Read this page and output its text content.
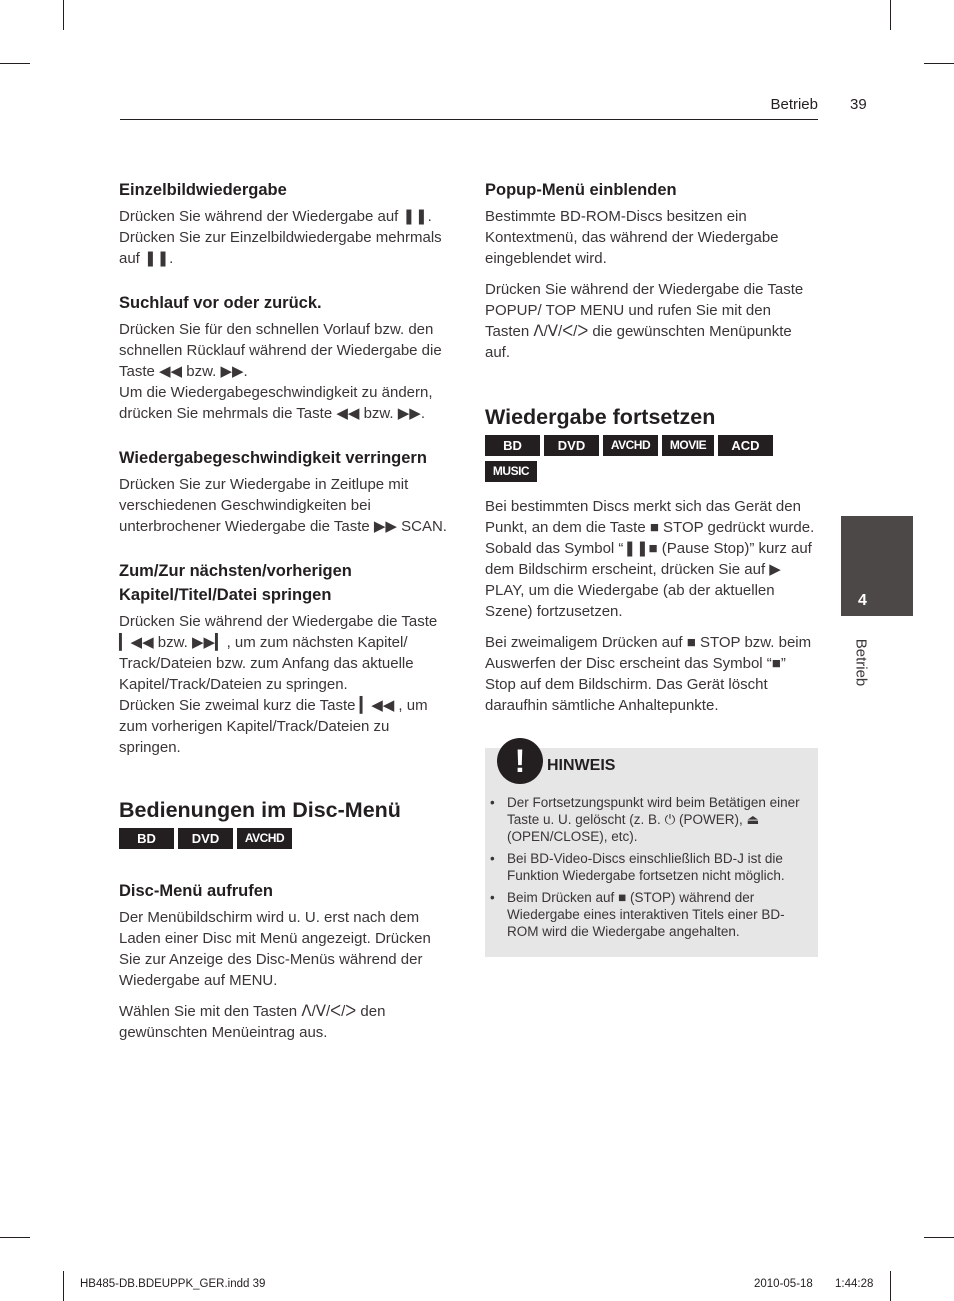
Betrieb 39
Einzelbildwiedergabe

Drücken Sie während der Wiedergabe auf ❚❚. Drücken Sie zur Einzelbildwiedergabe mehrmals auf ❚❚.

Suchlauf vor oder zurück.

Drücken Sie für den schnellen Vorlauf bzw. den schnellen Rücklauf während der Wiedergabe die Taste ◀◀ bzw. ▶▶.

Um die Wiedergabegeschwindigkeit zu ändern, drücken Sie mehrmals die Taste ◀◀ bzw. ▶▶.

Wiedergabegeschwindigkeit verringern

Drücken Sie zur Wiedergabe in Zeitlupe mit verschiedenen Geschwindigkeiten bei unterbrochener Wiedergabe die Taste ▶▶ SCAN.

Zum/Zur nächsten/vorherigen Kapitel/Titel/Datei springen

Drücken Sie während der Wiedergabe die Taste ▎◀◀ bzw. ▶▶▎, um zum nächsten Kapitel/ Track/Dateien bzw. zum Anfang das aktuelle Kapitel/Track/Dateien zu springen.

Drücken Sie zweimal kurz die Taste ▎◀◀ , um zum vorherigen Kapitel/Track/Dateien zu springen.

Bedienungen im Disc-Menü
BD	DVD	AVCHD
Disc-Menü aufrufen

Der Menübildschirm wird u. U. erst nach dem Laden einer Disc mit Menü angezeigt. Drücken Sie zur Anzeige des Disc-Menüs während der Wiedergabe auf MENU.

Wählen Sie mit den Tasten ᐱ/ᐯ/ᐸ/ᐳ den gewünschten Menüeintrag aus.

Popup-Menü einblenden

Bestimmte BD-ROM-Discs besitzen ein Kontextmenü, das während der Wiedergabe eingeblendet wird.

Drücken Sie während der Wiedergabe die Taste POPUP/ TOP MENU und rufen Sie mit den Tasten ᐱ/ᐯ/ᐸ/ᐳ die gewünschten Menüpunkte auf.

Wiedergabe fortsetzen
BD	DVD	AVCHD	MOVIE	ACD
MUSIC

Bei bestimmten Discs merkt sich das Gerät den Punkt, an dem die Taste ■ STOP gedrückt wurde. Sobald das Symbol “❚❚■ (Pause Stop)” kurz auf dem Bildschirm erscheint, drücken Sie auf ▶ PLAY, um die Wiedergabe (ab der aktuellen Szene) fortzusetzen.

Bei zweimaligem Drücken auf ■ STOP bzw. beim Auswerfen der Disc erscheint das Symbol “■” Stop auf dem Bildschirm. Das Gerät löscht daraufhin sämtliche Anhaltepunkte.

!	HINWEIS
• Der Fortsetzungspunkt wird beim Betätigen einer Taste u. U. gelöscht (z. B. ⏻ (POWER), ⏏ (OPEN/CLOSE), etc).
• Bei BD-Video-Discs einschließlich BD-J ist die Funktion Wiedergabe fortsetzen nicht möglich.
• Beim Drücken auf ■ (STOP) während der Wiedergabe eines interaktiven Titels einer BD-ROM wird die Wiedergabe angehalten.
4
Betrieb
HB485-DB.BDEUPPK_GER.indd 39	2010-05-18 1:44:28
